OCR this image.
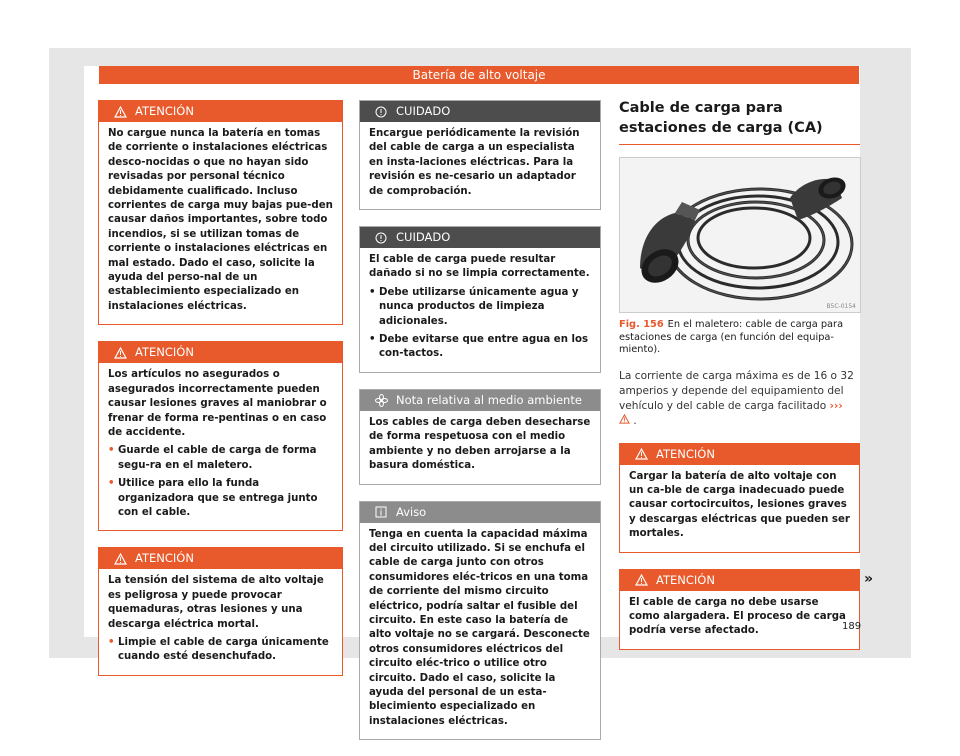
Batería de alto voltaje
ATENCIÓN

No cargue nunca la batería en tomas de corriente o instalaciones eléctricas desco-nocidas o que no hayan sido revisadas por personal técnico debidamente cualificado. Incluso corrientes de carga muy bajas pue-den causar daños importantes, sobre todo incendios, si se utilizan tomas de corriente o instalaciones eléctricas en mal estado. Dado el caso, solicite la ayuda del perso-nal de un establecimiento especializado en instalaciones eléctricas.

ATENCIÓN

Los artículos no asegurados o asegurados incorrectamente pueden causar lesiones graves al maniobrar o frenar de forma re-pentinas o en caso de accidente.

• Guarde el cable de carga de forma segu-ra en el maletero.
• Utilice para ello la funda organizadora que se entrega junto con el cable.
ATENCIÓN

La tensión del sistema de alto voltaje es peligrosa y puede provocar quemaduras, otras lesiones y una descarga eléctrica mortal.

• Limpie el cable de carga únicamente cuando esté desenchufado.
CUIDADO

Encargue periódicamente la revisión del cable de carga a un especialista en insta-laciones eléctricas. Para la revisión es ne-cesario un adaptador de comprobación.

CUIDADO

El cable de carga puede resultar dañado si no se limpia correctamente.

• Debe utilizarse únicamente agua y nunca productos de limpieza adicionales.
• Debe evitarse que entre agua en los con-tactos.
Nota relativa al medio ambiente

Los cables de carga deben desecharse de forma respetuosa con el medio ambiente y no deben arrojarse a la basura doméstica.

Aviso

Tenga en cuenta la capacidad máxima del circuito utilizado. Si se enchufa el cable de carga junto con otros consumidores eléc-tricos en una toma de corriente del mismo circuito eléctrico, podría saltar el fusible del circuito. En este caso la batería de alto voltaje no se cargará. Desconecte otros consumidores eléctricos del circuito eléc-trico o utilice otro circuito. Dado el caso, solicite la ayuda del personal de un esta-blecimiento especializado en instalaciones eléctricas.

Cable de carga para estaciones de carga (CA)
B5C-0154
Fig. 156 En el maletero: cable de carga para estaciones de carga (en función del equipa-miento).
La corriente de carga máxima es de 16 o 32 amperios y depende del equipamiento del vehículo y del cable de carga facilitado ›››  .
ATENCIÓN

Cargar la batería de alto voltaje con un ca-ble de carga inadecuado puede causar cortocircuitos, lesiones graves y descargas eléctricas que pueden ser mortales.

ATENCIÓN

El cable de carga no debe usarse como alargadera. El proceso de carga podría verse afectado.

»
189
